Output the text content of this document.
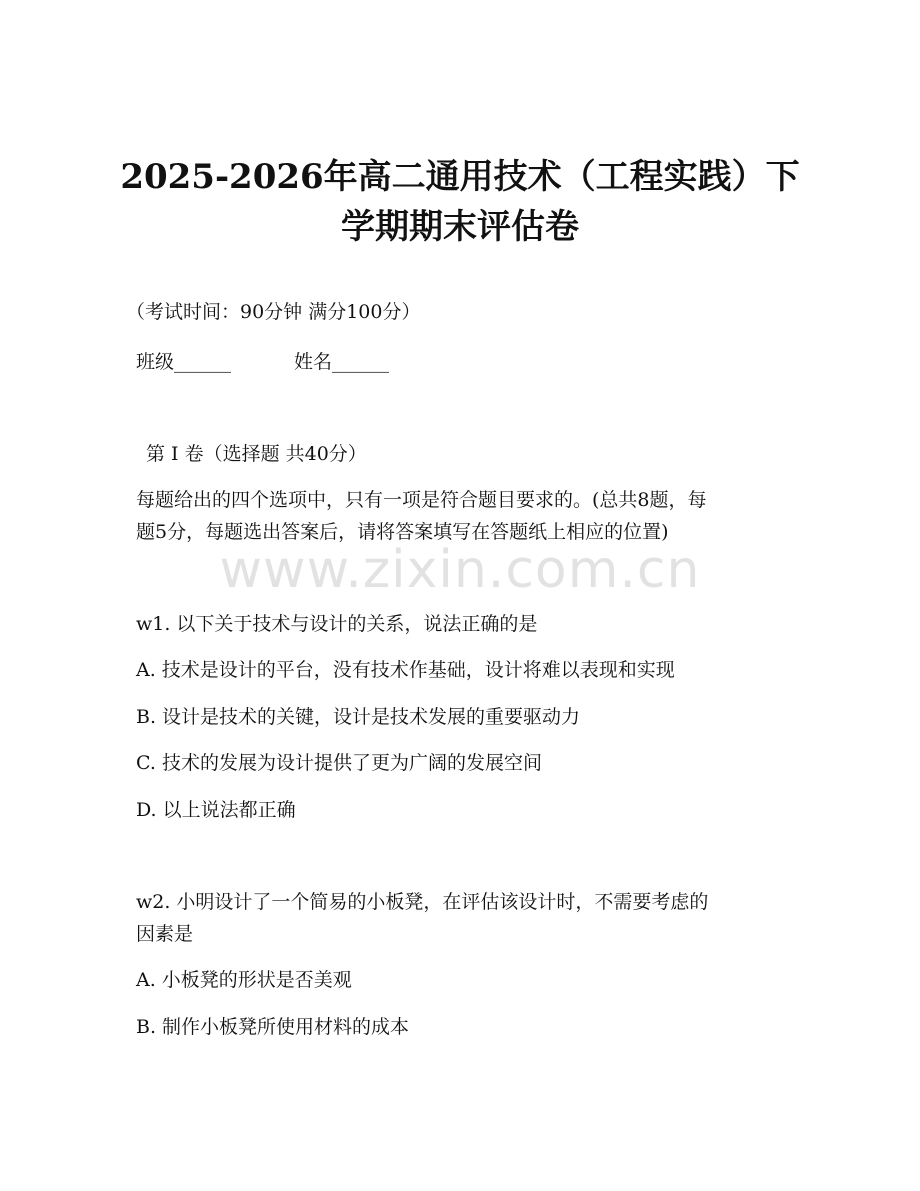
2025-2026年高二通用技术（工程实践）下
学期期末评估卷
（考试时间：90分钟 满分100分）
班级______	姓名______
第 I 卷（选择题 共40分）
每题给出的四个选项中，只有一项是符合题目要求的。(总共8题，每
题5分，每题选出答案后，请将答案填写在答题纸上相应的位置)
www.zixin.com.cn
w1. 以下关于技术与设计的关系，说法正确的是
A. 技术是设计的平台，没有技术作基础，设计将难以表现和实现
B. 设计是技术的关键，设计是技术发展的重要驱动力
C. 技术的发展为设计提供了更为广阔的发展空间
D. 以上说法都正确
w2. 小明设计了一个简易的小板凳，在评估该设计时，不需要考虑的
因素是
A. 小板凳的形状是否美观
B. 制作小板凳所使用材料的成本
